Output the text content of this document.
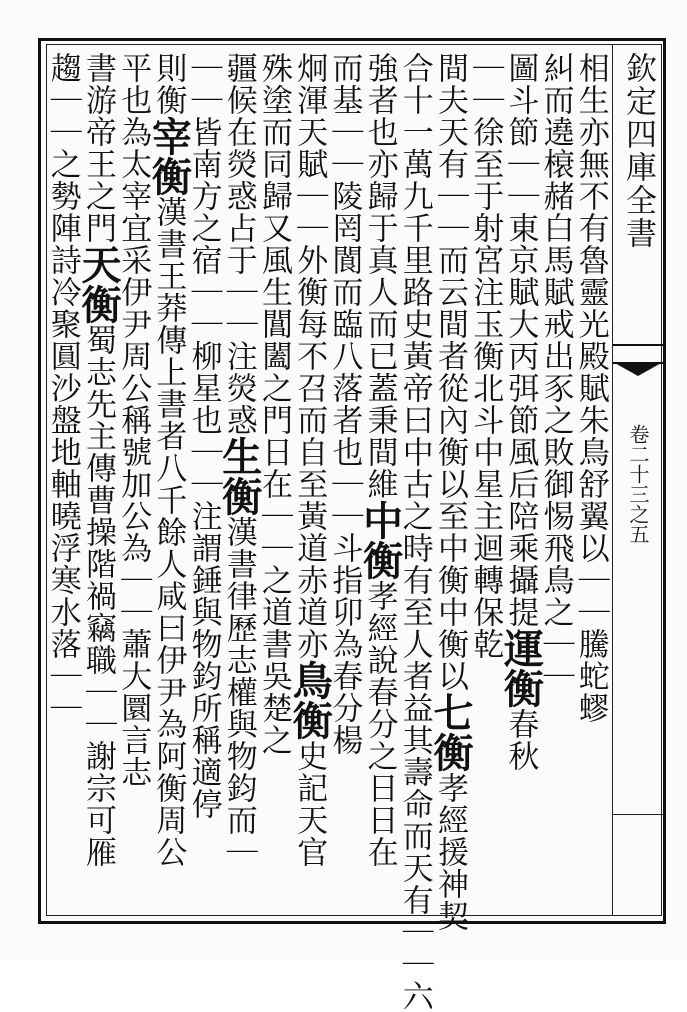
欽定四庫全書
卷二十三之五
相生亦無不有魯靈光殿賦朱鳥舒翼以｜｜騰蛇蟉
糾而遶榱赭白馬賦戒出豕之敗御惕飛鳥之｜｜
圖斗節｜｜東京賦大丙弭節風后陪乘攝提運衡春秋
｜｜徐至于射宮注玉衡北斗中星主迴轉保乾
間夫天有｜｜而云間者從內衡以至中衡中衡以七衡孝經援神契
合十一萬九千里路史黃帝曰中古之時有至人者益其壽命而天有｜｜六
強者也亦歸于真人而已蓋秉間維中衡孝經說春分之日日在
而基｜｜陵罔閬而臨八落者也｜｜斗指卯為春分楊
炯渾天賦｜｜外衡每不召而自至黃道赤道亦鳥衡史記天官
殊塗而同歸又風生閶闔之門日在｜｜之道書吳楚之
疆候在熒惑占于｜｜注熒惑生衡漢書律歷志權與物鈞而｜
｜｜皆南方之宿｜｜柳星也｜｜注謂錘與物鈞所稱適停
則衡宰衡漢書王莽傳上書者八千餘人咸曰伊尹為阿衡周公
平也為太宰宜采伊尹周公稱號加公為｜｜蕭大圜言志
書游帝王之門天衡蜀志先主傳曹操階禍竊職｜｜謝宗可雁
趨｜｜之勢陣詩冷聚圓沙盤地軸曉浮寒水落｜｜
